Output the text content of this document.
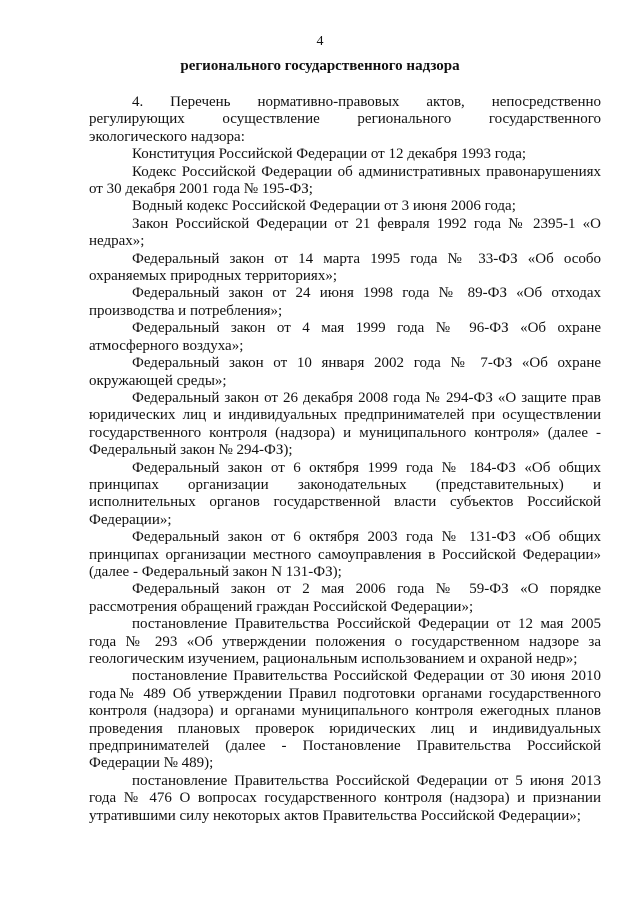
4
регионального государственного надзора

4. Перечень нормативно-правовых актов, непосредственно регулирующих осуществление регионального государственного экологического надзора:

Конституция Российской Федерации от 12 декабря 1993 года;

Кодекс Российской Федерации об административных правонарушениях от 30 декабря 2001 года № 195-ФЗ;

Водный кодекс Российской Федерации от 3 июня 2006 года;

Закон Российской Федерации от 21 февраля 1992 года № 2395-1 «О недрах»;

Федеральный закон от 14 марта 1995 года № 33-ФЗ «Об особо охраняемых природных территориях»;

Федеральный закон от 24 июня 1998 года № 89-ФЗ «Об отходах производства и потребления»;

Федеральный закон от 4 мая 1999 года № 96-ФЗ «Об охране атмосферного воздуха»;

Федеральный закон от 10 января 2002 года № 7-ФЗ «Об охране окружающей среды»;

Федеральный закон от 26 декабря 2008 года № 294-ФЗ «О защите прав юридических лиц и индивидуальных предпринимателей при осуществлении государственного контроля (надзора) и муниципального контроля» (далее - Федеральный закон № 294-ФЗ);

Федеральный закон от 6 октября 1999 года № 184-ФЗ «Об общих принципах организации законодательных (представительных) и исполнительных органов государственной власти субъектов Российской Федерации»;

Федеральный закон от 6 октября 2003 года № 131-ФЗ «Об общих принципах организации местного самоуправления в Российской Федерации» (далее - Федеральный закон N 131-ФЗ);

Федеральный закон от 2 мая 2006 года № 59-ФЗ «О порядке рассмотрения обращений граждан Российской Федерации»;

постановление Правительства Российской Федерации от 12 мая 2005 года № 293 «Об утверждении положения о государственном надзоре за геологическим изучением, рациональным использованием и охраной недр»;

постановление Правительства Российской Федерации от 30 июня 2010 года№ 489 Об утверждении Правил подготовки органами государственного контроля (надзора) и органами муниципального контроля ежегодных планов проведения плановых проверок юридических лиц и индивидуальных предпринимателей (далее - Постановление Правительства Российской Федерации № 489);

постановление Правительства Российской Федерации от 5 июня 2013 года № 476 О вопросах государственного контроля (надзора) и признании утратившими силу некоторых актов Правительства Российской Федерации»;
